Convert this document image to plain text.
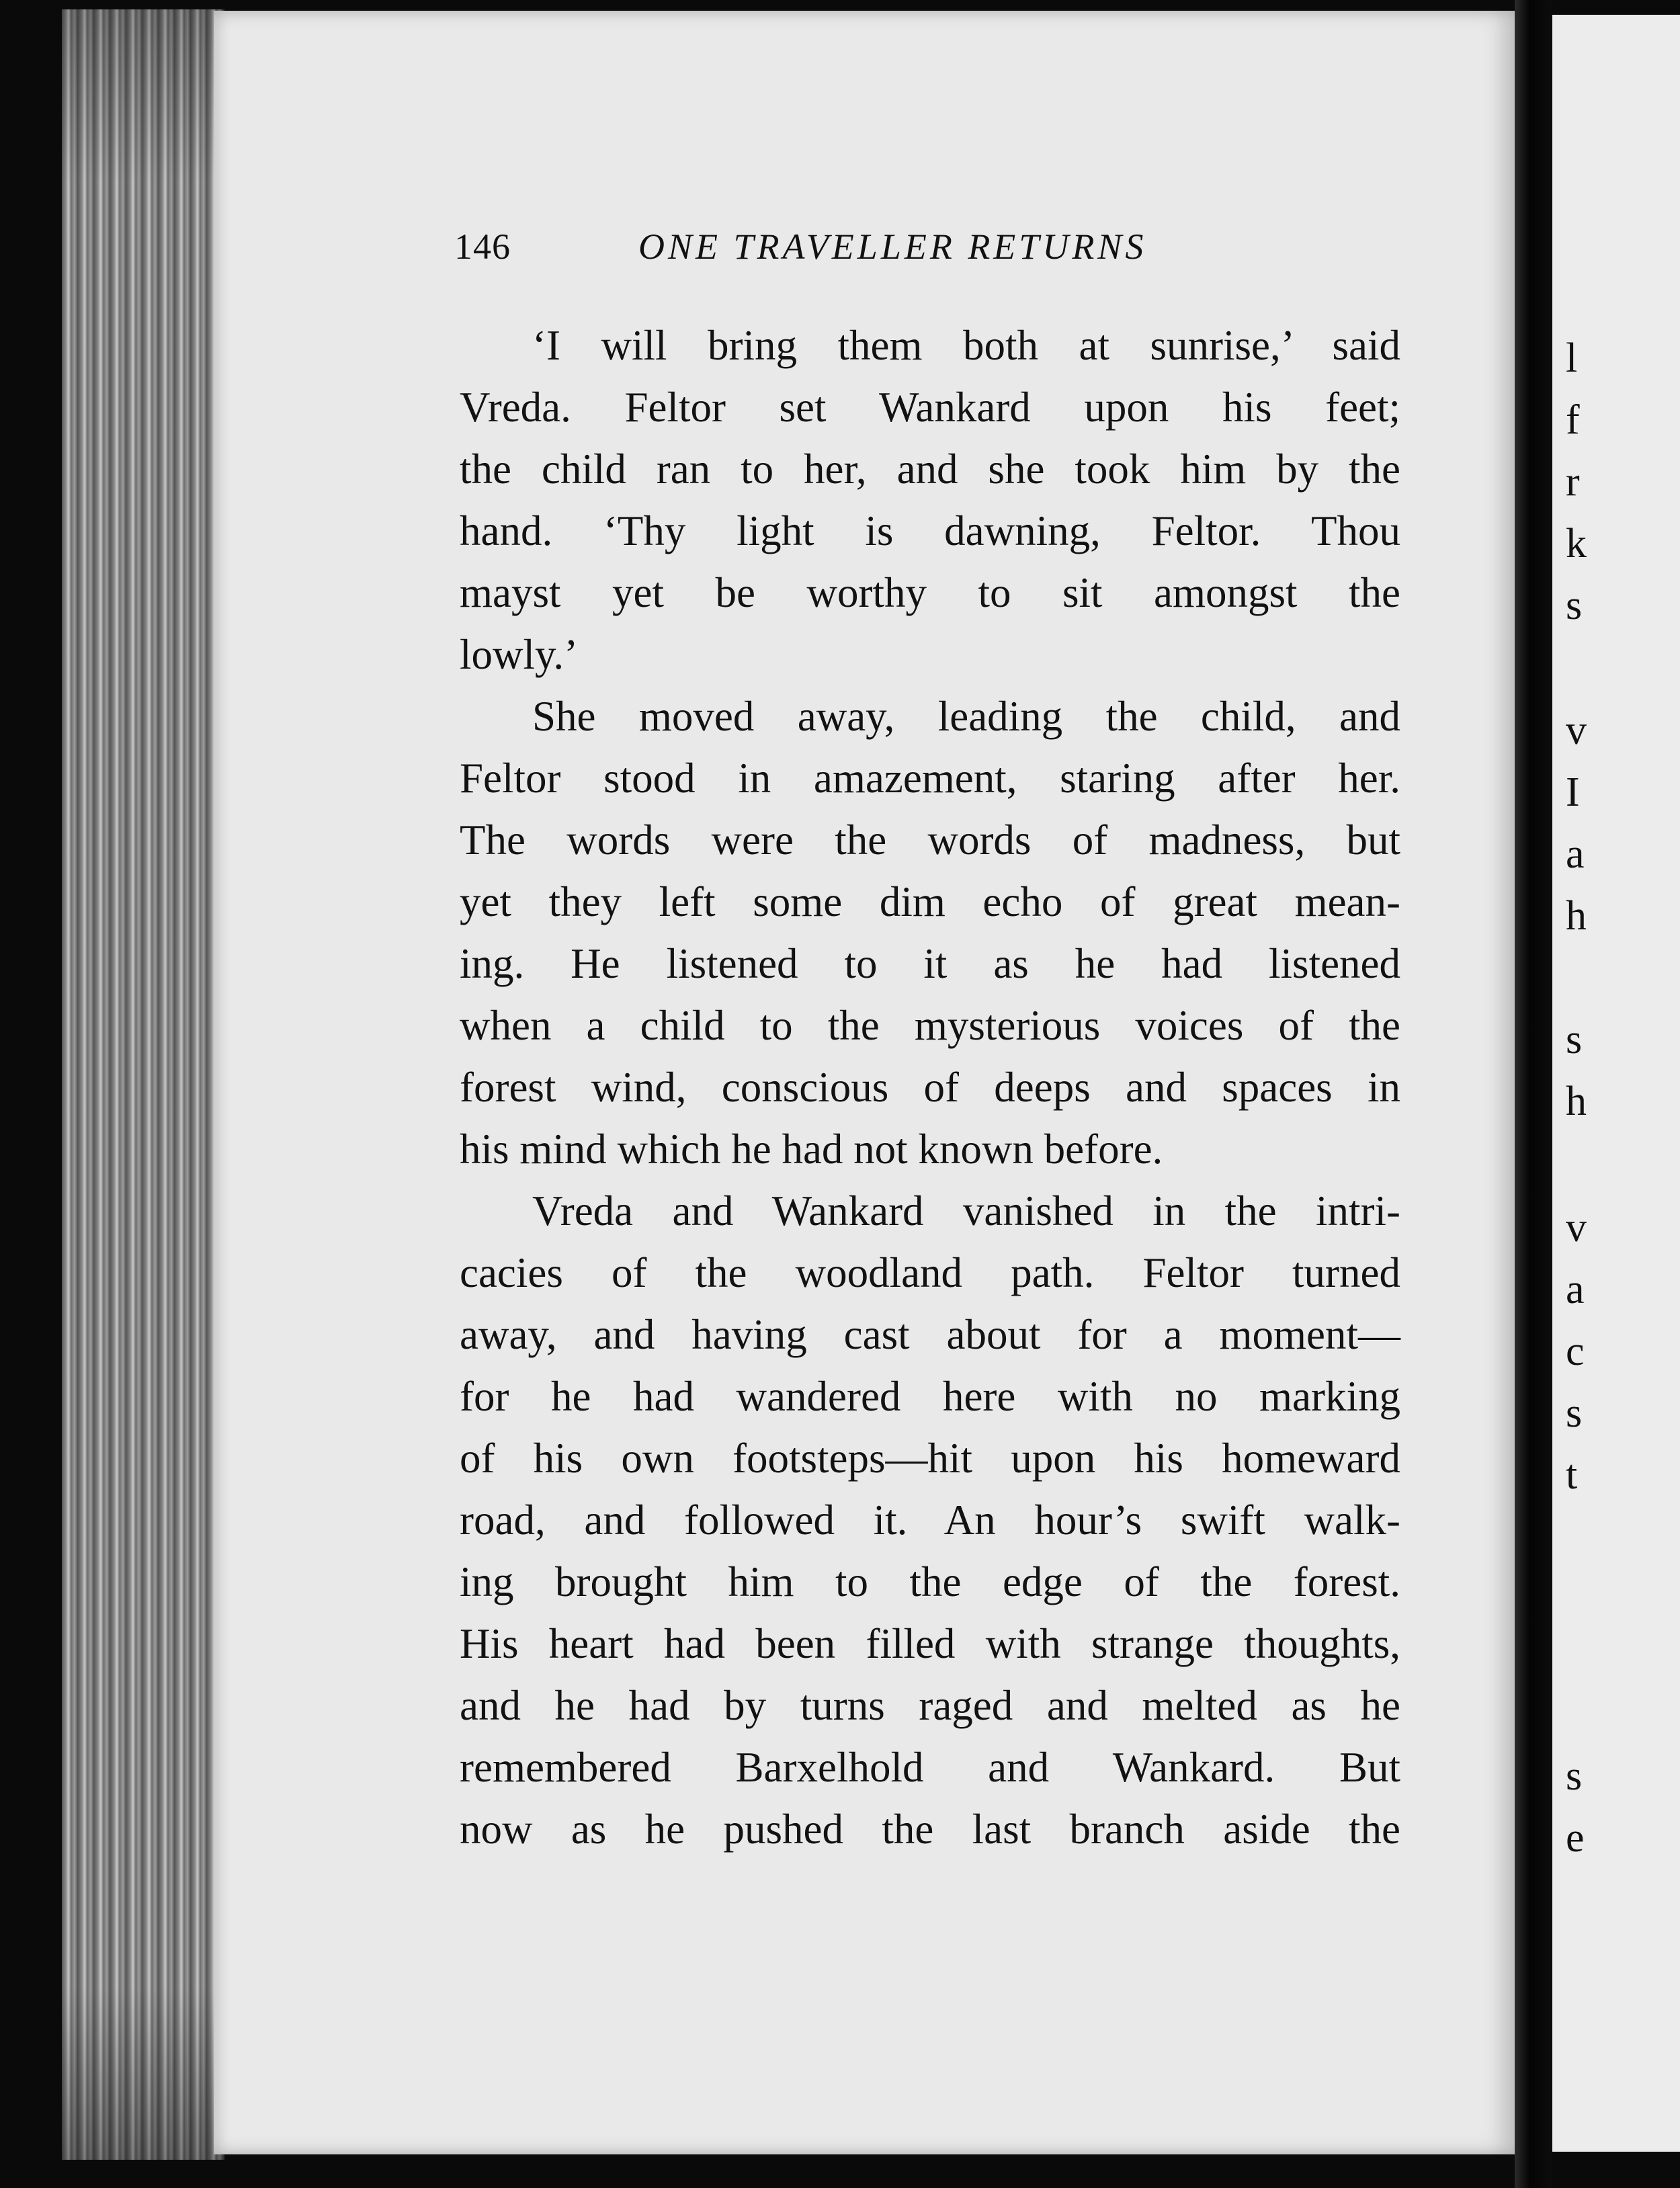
146	ONE TRAVELLER RETURNS
‘I will bring them both at sunrise,’ said
Vreda. Feltor set Wankard upon his feet;
the child ran to her, and she took him by the
hand. ‘Thy light is dawning, Feltor. Thou
mayst yet be worthy to sit amongst the
lowly.’
She moved away, leading the child, and
Feltor stood in amazement, staring after her.
The words were the words of madness, but
yet they left some dim echo of great mean-
ing. He listened to it as he had listened
when a child to the mysterious voices of the
forest wind, conscious of deeps and spaces in
his mind which he had not known before.
Vreda and Wankard vanished in the intri-
cacies of the woodland path. Feltor turned
away, and having cast about for a moment—
for he had wandered here with no marking
of his own footsteps—hit upon his homeward
road, and followed it. An hour’s swift walk-
ing brought him to the edge of the forest.
His heart had been filled with strange thoughts,
and he had by turns raged and melted as he
remembered Barxelhold and Wankard. But
now as he pushed the last branch aside the
l
f
r
k
s
v
I
a
h
s
h
v
a
c
s
t
s
e
